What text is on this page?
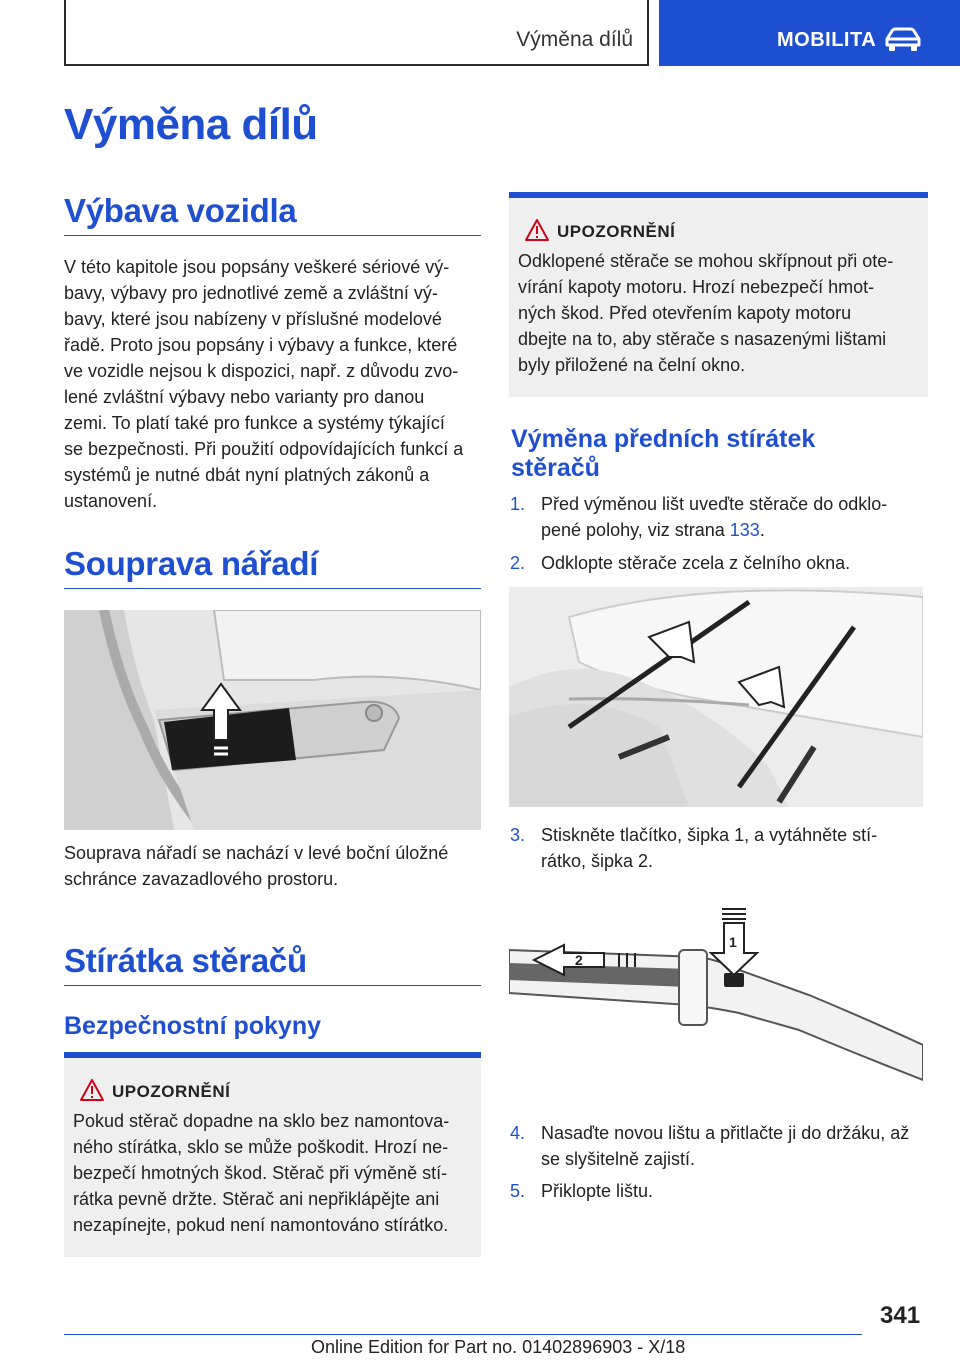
Výměna dílů	MOBILITA
Výměna dílů
Výbava vozidla
V této kapitole jsou popsány veškeré sériové vý‐
bavy, výbavy pro jednotlivé země a zvláštní vý‐
bavy, které jsou nabízeny v příslušné modelové
řadě. Proto jsou popsány i výbavy a funkce, které
ve vozidle nejsou k dispozici, např. z důvodu zvo‐
lené zvláštní výbavy nebo varianty pro danou
zemi. To platí také pro funkce a systémy týkající
se bezpečnosti. Při použití odpovídajících funkcí a
systémů je nutné dbát nyní platných zákonů a
ustanovení.
Souprava nářadí
Souprava nářadí se nachází v levé boční úložné
schránce zavazadlového prostoru.
Stírátka stěračů
Bezpečnostní pokyny
UPOZORNĚNÍ
Pokud stěrač dopadne na sklo bez namontova‐
ného stírátka, sklo se může poškodit. Hrozí ne‐
bezpečí hmotných škod. Stěrač při výměně stí‐
rátka pevně držte. Stěrač ani nepřiklápějte ani
nezapínejte, pokud není namontováno stírátko.
UPOZORNĚNÍ
Odklopené stěrače se mohou skřípnout při ote‐
vírání kapoty motoru. Hrozí nebezpečí hmot‐
ných škod. Před otevřením kapoty motoru
dbejte na to, aby stěrače s nasazenými lištami
byly přiložené na čelní okno.
Výměna předních stírátek
stěračů
1. Před výměnou lišt uveďte stěrače do odklo‐
pené polohy, viz strana 133.
2. Odklopte stěrače zcela z čelního okna.
3. Stiskněte tlačítko, šipka 1, a vytáhněte stí‐
rátko, šipka 2.
2
1
4. Nasaďte novou lištu a přitlačte ji do držáku, až
se slyšitelně zajistí.
5. Přiklopte lištu.
341
Online Edition for Part no. 01402896903 - X/18
